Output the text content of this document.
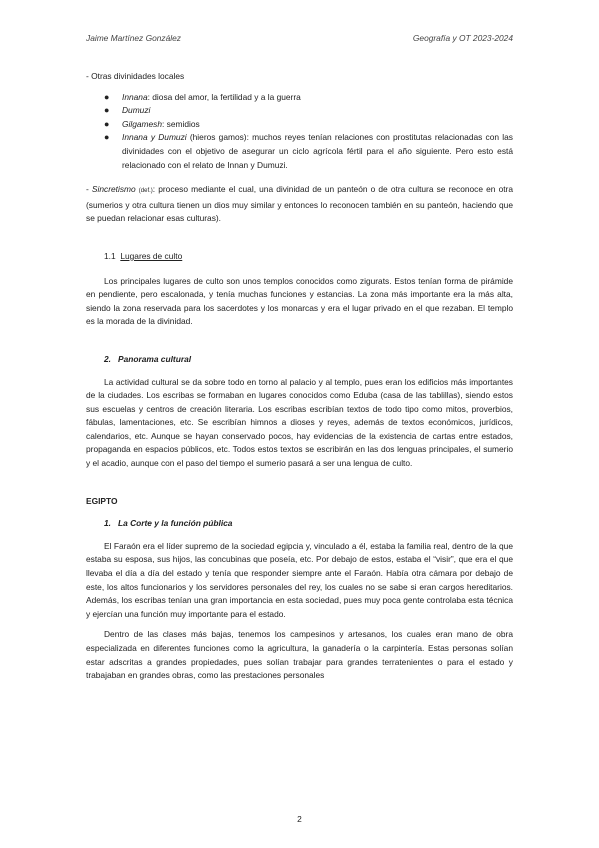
Jaime Martínez González	Geografía y OT 2023-2024

- Otras divinidades locales

● Innana: diosa del amor, la fertilidad y a la guerra
● Dumuzi
● Gilgamesh: semidios
● Innana y Dumuzi (hieros gamos): muchos reyes tenían relaciones con prostitutas relacionadas con las divinidades con el objetivo de asegurar un ciclo agrícola fértil para el año siguiente. Pero esto está relacionado con el relato de Innan y Dumuzi.

- Sincretismo (def.): proceso mediante el cual, una divinidad de un panteón o de otra cultura se reconoce en otra (sumerios y otra cultura tienen un dios muy similar y entonces lo reconocen también en su panteón, haciendo que se puedan relacionar esas culturas).

1.1 Lugares de culto

Los principales lugares de culto son unos templos conocidos como zigurats. Estos tenían forma de pirámide en pendiente, pero escalonada, y tenía muchas funciones y estancias. La zona más importante era la más alta, siendo la zona reservada para los sacerdotes y los monarcas y era el lugar privado en el que rezaban. El templo es la morada de la divinidad.

2. Panorama cultural

La actividad cultural se da sobre todo en torno al palacio y al templo, pues eran los edificios más importantes de la ciudades. Los escribas se formaban en lugares conocidos como Eduba (casa de las tablillas), siendo estos sus escuelas y centros de creación literaria. Los escribas escribían textos de todo tipo como mitos, proverbios, fábulas, lamentaciones, etc. Se escribían himnos a dioses y reyes, además de textos económicos, jurídicos, calendarios, etc. Aunque se hayan conservado pocos, hay evidencias de la existencia de cartas entre estados, propaganda en espacios públicos, etc. Todos estos textos se escribirán en las dos lenguas principales, el sumerio y el acadio, aunque con el paso del tiempo el sumerio pasará a ser una lengua de culto.

EGIPTO

1. La Corte y la función pública

El Faraón era el líder supremo de la sociedad egipcia y, vinculado a él, estaba la familia real, dentro de la que estaba su esposa, sus hijos, las concubinas que poseía, etc. Por debajo de estos, estaba el “visir”, que era el que llevaba el día a día del estado y tenía que responder siempre ante el Faraón. Había otra cámara por debajo de este, los altos funcionarios y los servidores personales del rey, los cuales no se sabe si eran cargos hereditarios. Además, los escribas tenían una gran importancia en esta sociedad, pues muy poca gente controlaba esta técnica y ejercían una función muy importante para el estado.

Dentro de las clases más bajas, tenemos los campesinos y artesanos, los cuales eran mano de obra especializada en diferentes funciones como la agricultura, la ganadería o la carpintería. Estas personas solían estar adscritas a grandes propiedades, pues solían trabajar para grandes terratenientes o para el estado y trabajaban en grandes obras, como las prestaciones personales

2
